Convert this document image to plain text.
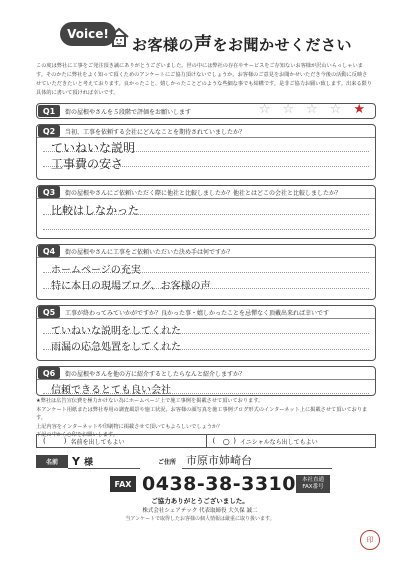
Voice!
お客様の声をお聞かせください
この度は弊社に工事をご発注頂き誠にありがとうございました。世の中には弊社の存在やサービスをご存知ないお客様が沢山いらっしゃいます。そのかたに弊社をよく知って頂くためのアンケートにご協力頂けないでしょうか。お客様のご意見をお聞かせいただき今後の活動に反映させていただきたいと考えております。良かったこと、嬉しかったことどのような些細な事でも結構です。是非ご協力お願い致します。出来る限り具体的に書いて頂ければ幸いです。
Q1	街の屋根やさんを５段階で評価をお願いします	☆ ☆ ☆ ☆ ★
Q2	当初、工事を依頼する会社にどんなことを期待されていましたか？
ていねいな説明
工事費の安さ
Q3	街の屋根やさんにご依頼いただく際に他社と比較しましたか？他社とはどこの会社と比較しましたか？
比較はしなかった
Q4	街の屋根やさんに工事をご依頼いただいた決め手は何ですか？
ホームページの充実
特に本日の現場ブログ、お客様の声
Q5	工事が終わってみていかがですか？良かった事・嬉しかったことを忌憚なく頂戴出来れば幸いです
ていねいな説明をしてくれた
雨漏の応急処置をしてくれた
Q6	街の屋根やさんを他の方に紹介するとしたらなんと紹介しますか？
信頼できるとても良い会社
★弊社は広告宣伝費を極力かけない為にホームページ上で施工事例を掲載させて頂いております。
本アンケート用紙または弊社専用の調査風景や施工状況、お客様の顔写真を施工事例ブログ形式のインターネット上に掲載させて頂いております。
上記内容をインターネットや印刷物に掲載させて頂いてもよろしいでしょうか？
下記の中から○印をお願いします。
(	) 名前を出してもよい	( ○ ) イニシャルなら出してもよい
名前	Y 様	ご住所 市原市姉崎台
FAX 0438-38-3310	本社直通
FAX番号
ご協力ありがとうございました。
株式会社シェアテック 代表取締役 大久保 誠二
当アンケートで取得したお客様の個人情報は厳重に取り扱います。
印
